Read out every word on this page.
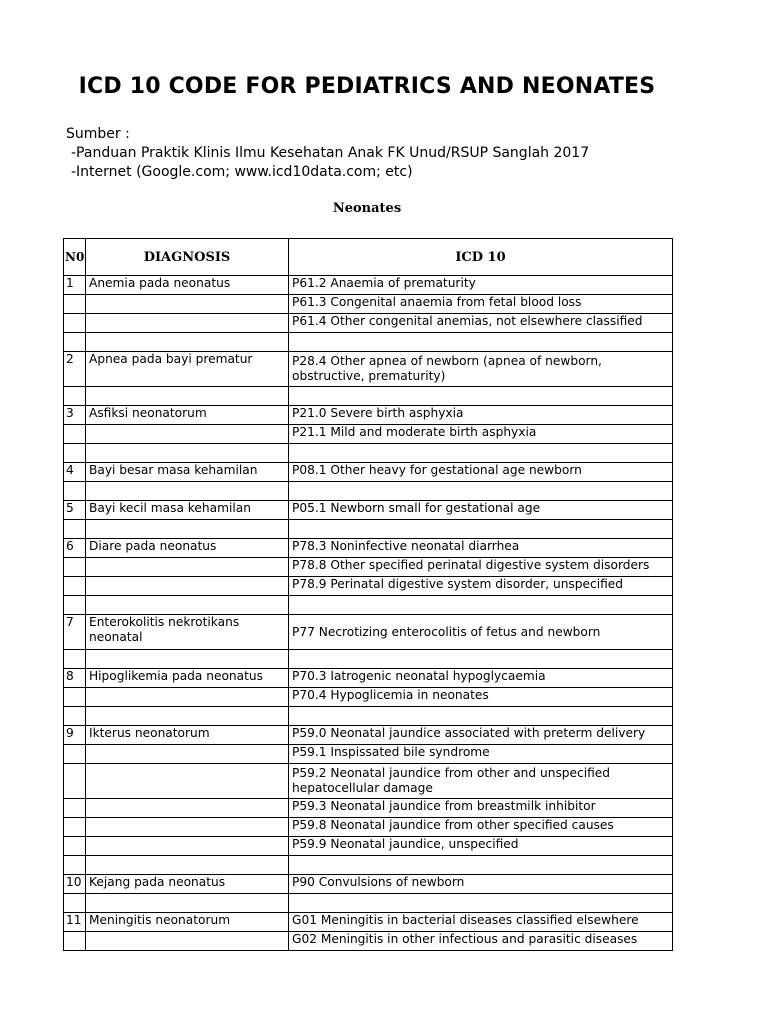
ICD 10 CODE FOR PEDIATRICS AND NEONATES
Sumber :
-Panduan Praktik Klinis Ilmu Kesehatan Anak FK Unud/RSUP Sanglah 2017
-Internet (Google.com; www.icd10data.com; etc)
Neonates
N0	DIAGNOSIS	ICD 10
1	Anemia pada neonatus	P61.2 Anaemia of prematurity
		P61.3 Congenital anaemia from fetal blood loss
		P61.4 Other congenital anemias, not elsewhere classified

2	Apnea pada bayi prematur	P28.4 Other apnea of newborn (apnea of newborn, obstructive, prematurity)

3	Asfiksi neonatorum	P21.0 Severe birth asphyxia
		P21.1 Mild and moderate birth asphyxia

4	Bayi besar masa kehamilan	P08.1 Other heavy for gestational age newborn

5	Bayi kecil masa kehamilan	P05.1 Newborn small for gestational age

6	Diare pada neonatus	P78.3 Noninfective neonatal diarrhea
		P78.8 Other specified perinatal digestive system disorders
		P78.9 Perinatal digestive system disorder, unspecified

7	Enterokolitis nekrotikans neonatal	P77 Necrotizing enterocolitis of fetus and newborn

8	Hipoglikemia pada neonatus	P70.3 Iatrogenic neonatal hypoglycaemia
		P70.4 Hypoglicemia in neonates

9	Ikterus neonatorum	P59.0 Neonatal jaundice associated with preterm delivery
		P59.1 Inspissated bile syndrome
		P59.2 Neonatal jaundice from other and unspecified hepatocellular damage
		P59.3 Neonatal jaundice from breastmilk inhibitor
		P59.8 Neonatal jaundice from other specified causes
		P59.9 Neonatal jaundice, unspecified

10	Kejang pada neonatus	P90 Convulsions of newborn

11	Meningitis neonatorum	G01 Meningitis in bacterial diseases classified elsewhere
		G02 Meningitis in other infectious and parasitic diseases
